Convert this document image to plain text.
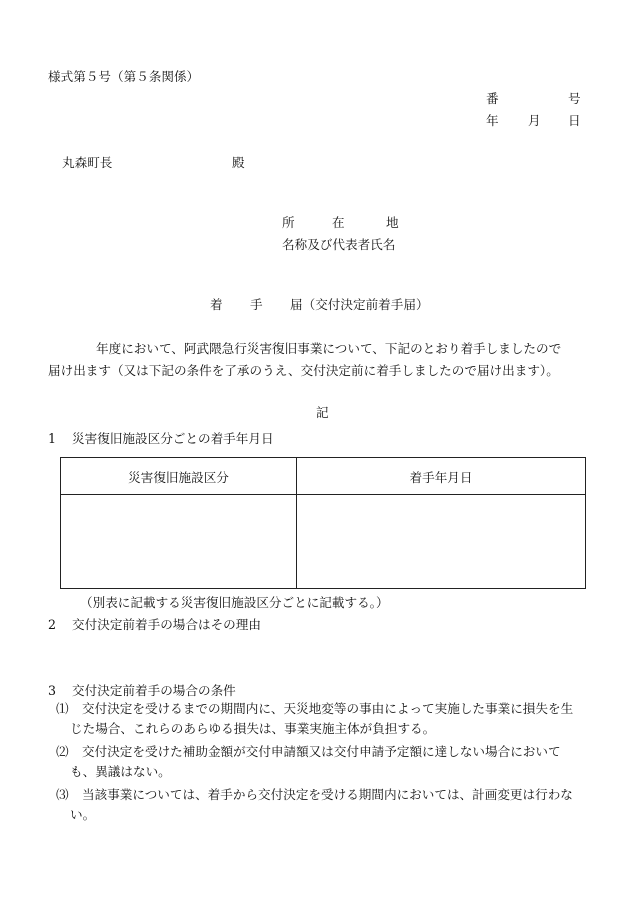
様式第５号（第５条関係）
番	号
年 月 日
丸森町長	殿
所	在	地
名称及び代表者氏名
着 手 届（交付決定前着手届）
年度において、阿武隈急行災害復旧事業について、下記のとおり着手しましたので
届け出ます（又は下記の条件を了承のうえ、交付決定前に着手しましたので届け出ます）。
記
1 災害復旧施設区分ごとの着手年月日
災害復旧施設区分	着手年月日

（別表に記載する災害復旧施設区分ごとに記載する。）
2 交付決定前着手の場合はその理由
3 交付決定前着手の場合の条件
⑴ 交付決定を受けるまでの期間内に、天災地変等の事由によって実施した事業に損失を生
じた場合、これらのあらゆる損失は、事業実施主体が負担する。
⑵ 交付決定を受けた補助金額が交付申請額又は交付申請予定額に達しない場合において
も、異議はない。
⑶ 当該事業については、着手から交付決定を受ける期間内においては、計画変更は行わな
い。
